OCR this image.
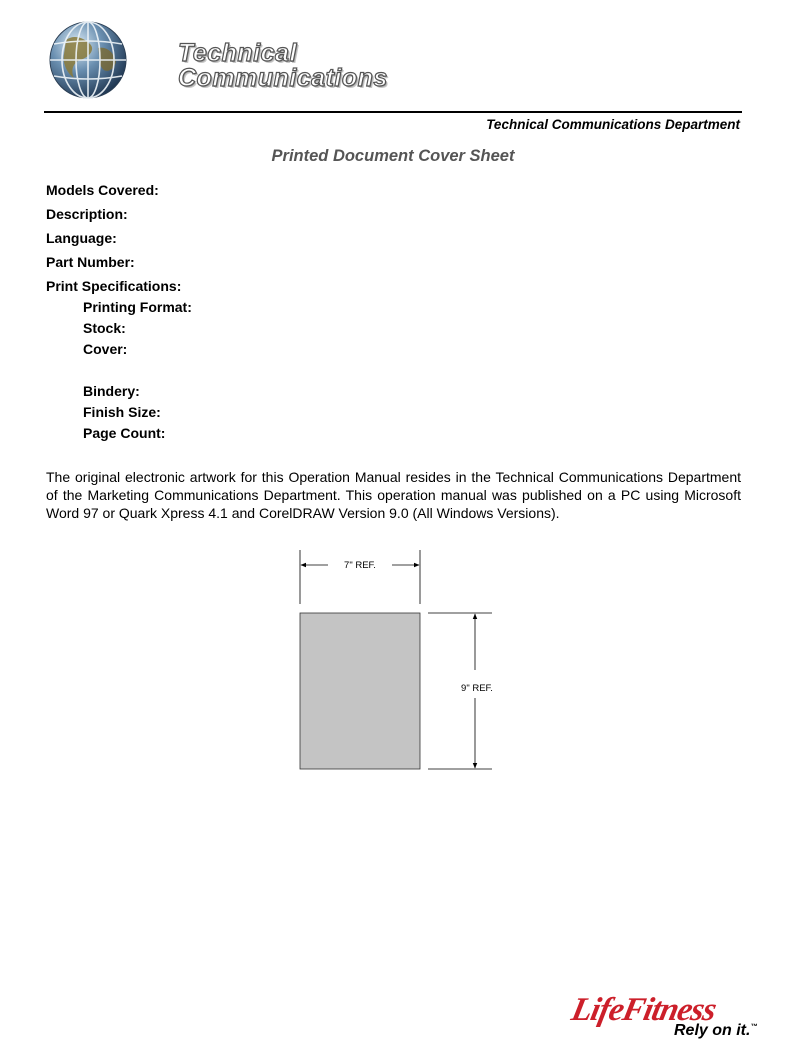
Technical
Communications
Technical Communications Department
Printed Document Cover Sheet
Models Covered:
Description:
Language:
Part Number:
Print Specifications:
Printing Format:
Stock:
Cover:
Bindery:
Finish Size:
Page Count:
The original electronic artwork for this Operation Manual resides in the Technical Communications Department of the Marketing Communications Department. This operation manual was published on a PC using Microsoft Word 97 or Quark Xpress 4.1 and CorelDRAW Version 9.0 (All Windows Versions).
7" REF.
9" REF.
LifeFitness
Rely on it.™
